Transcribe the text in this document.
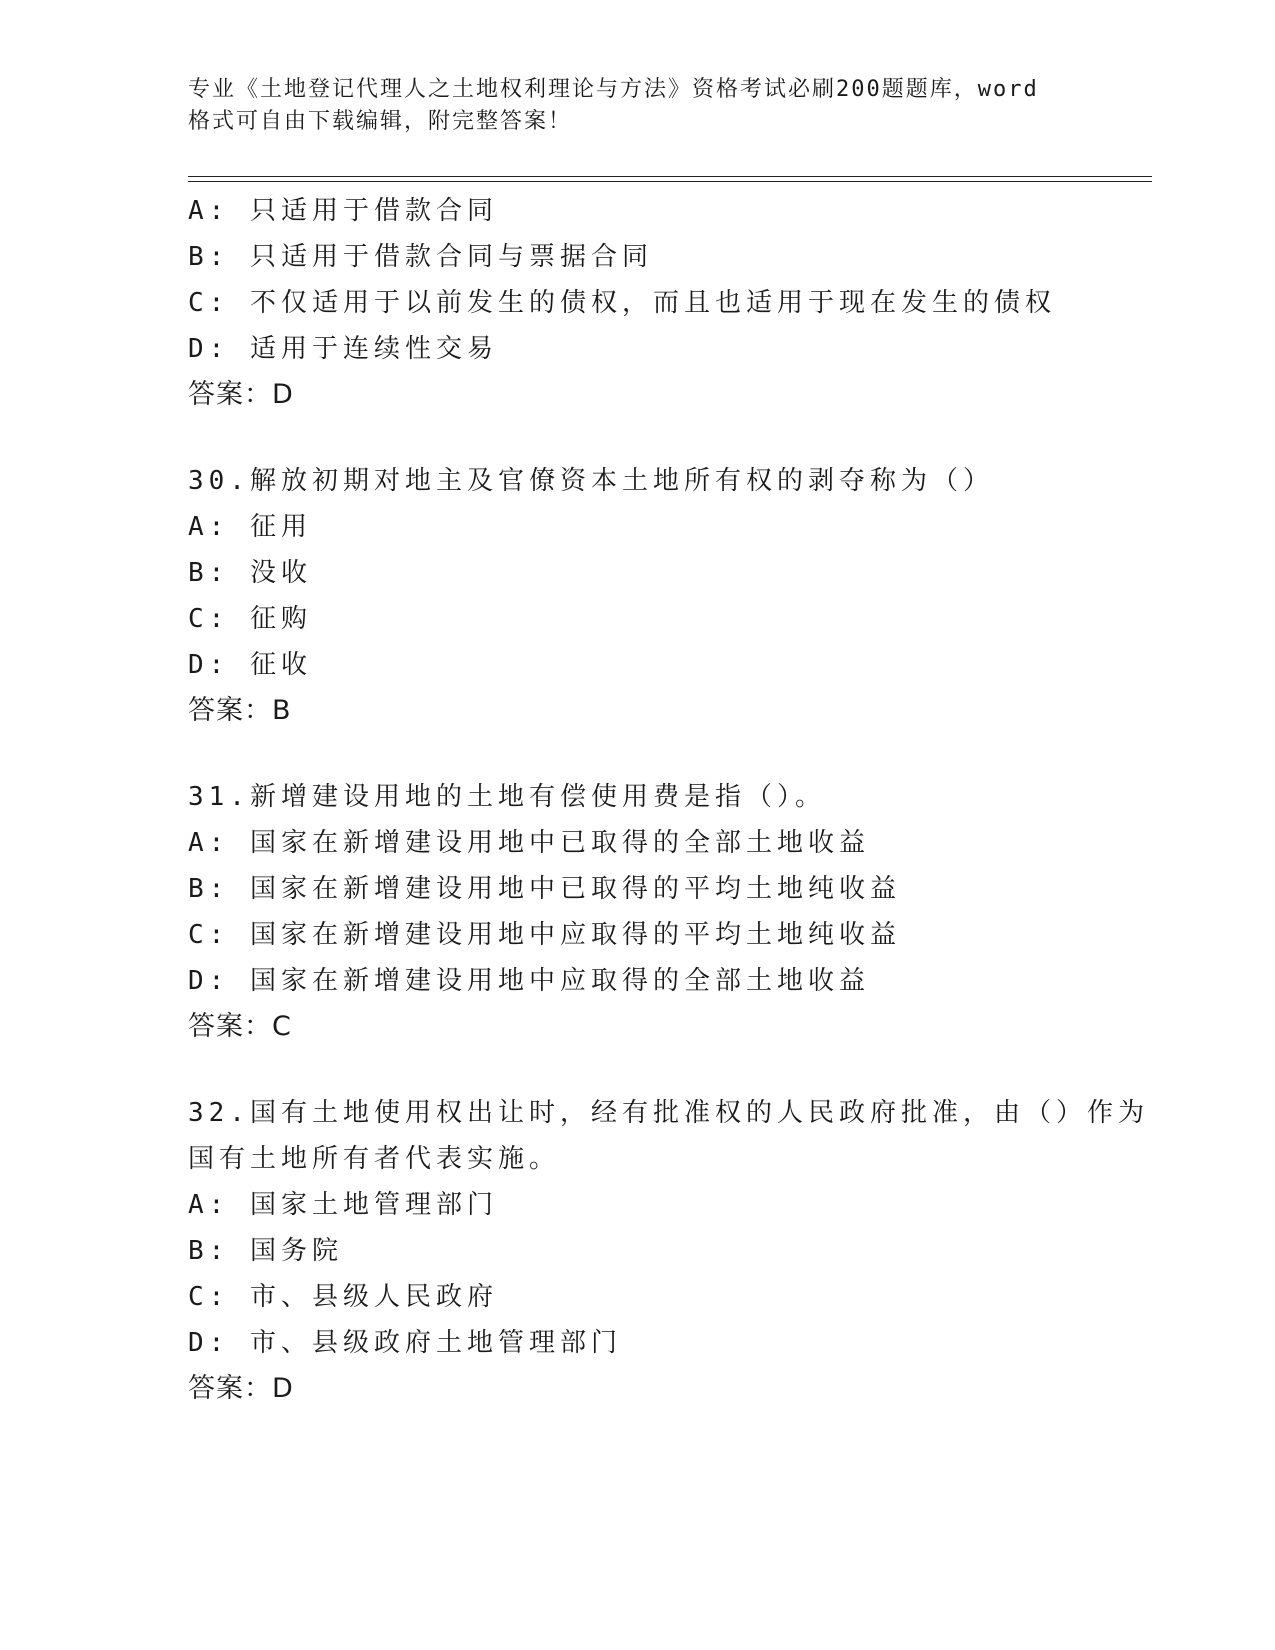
专业《土地登记代理人之土地权利理论与方法》资格考试必刷200题题库，word
格式可自由下载编辑，附完整答案！
A: 只适用于借款合同
B: 只适用于借款合同与票据合同
C: 不仅适用于以前发生的债权，而且也适用于现在发生的债权
D: 适用于连续性交易
答案：D
30.解放初期对地主及官僚资本土地所有权的剥夺称为（）
A: 征用
B: 没收
C: 征购
D: 征收
答案：B
31.新增建设用地的土地有偿使用费是指（）。
A: 国家在新增建设用地中已取得的全部土地收益
B: 国家在新增建设用地中已取得的平均土地纯收益
C: 国家在新增建设用地中应取得的平均土地纯收益
D: 国家在新增建设用地中应取得的全部土地收益
答案：C
32.国有土地使用权出让时，经有批准权的人民政府批准，由（）作为
国有土地所有者代表实施。
A: 国家土地管理部门
B: 国务院
C: 市、县级人民政府
D: 市、县级政府土地管理部门
答案：D
